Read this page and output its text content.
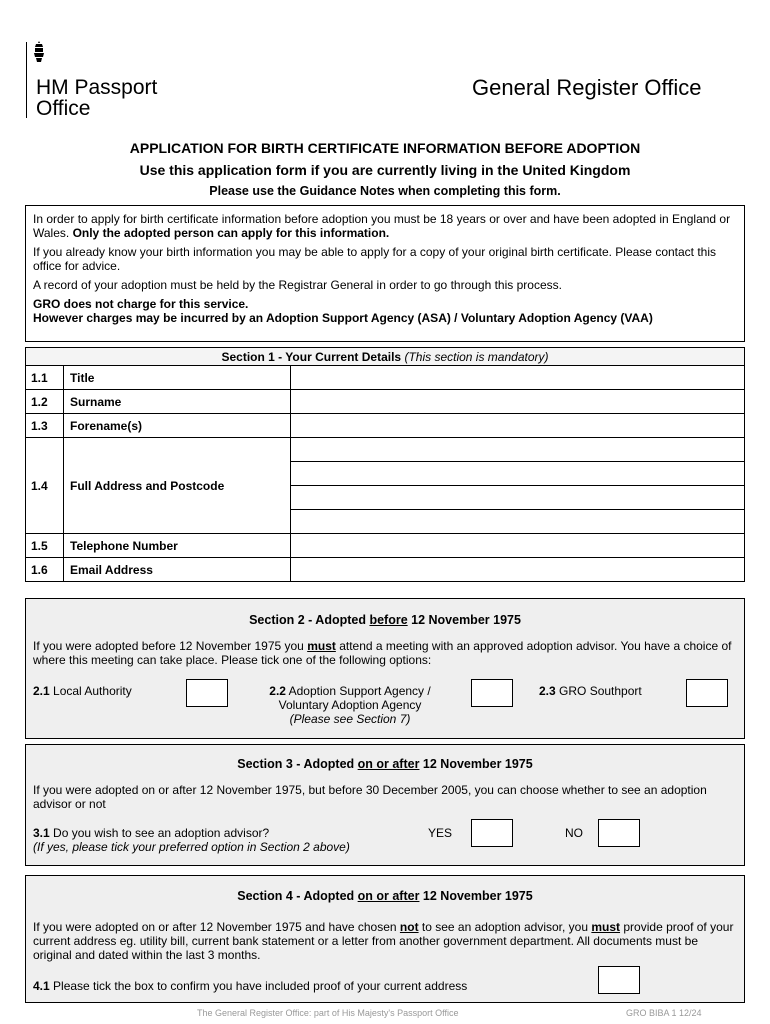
HM Passport
Office
General Register Office
APPLICATION FOR BIRTH CERTIFICATE INFORMATION BEFORE ADOPTION
Use this application form if you are currently living in the United Kingdom
Please use the Guidance Notes when completing this form.

In order to apply for birth certificate information before adoption you must be 18 years or over and have been adopted in England or Wales. Only the adopted person can apply for this information.

If you already know your birth information you may be able to apply for a copy of your original birth certificate. Please contact this office for advice.

A record of your adoption must be held by the Registrar General in order to go through this process.

GRO does not charge for this service.
However charges may be incurred by an Adoption Support Agency (ASA) / Voluntary Adoption Agency (VAA)
Section 1 - Your Current Details (This section is mandatory)		
1.1	Title	
1.2	Surname	
1.3	Forename(s)	
1.4	Full Address and Postcode	

1.5	Telephone Number	
1.6	Email Address	
Section 2 - Adopted before 12 November 1975
If you were adopted before 12 November 1975 you must attend a meeting with an approved adoption advisor. You have a choice of where this meeting can take place. Please tick one of the following options:
2.1 Local Authority	2.2 Adoption Support Agency /
Voluntary Adoption Agency
(Please see Section 7)
2.3 GRO Southport
Section 3 - Adopted on or after 12 November 1975
If you were adopted on or after 12 November 1975, but before 30 December 2005, you can choose whether to see an adoption advisor or not
3.1 Do you wish to see an adoption advisor?
(If yes, please tick your preferred option in Section 2 above)
YES	NO
Section 4 - Adopted on or after 12 November 1975
If you were adopted on or after 12 November 1975 and have chosen not to see an adoption advisor, you must provide proof of your current address eg. utility bill, current bank statement or a letter from another government department. All documents must be original and dated within the last 3 months.
4.1 Please tick the box to confirm you have included proof of your current address
The General Register Office: part of His Majesty's Passport Office	GRO BIBA 1 12/24
